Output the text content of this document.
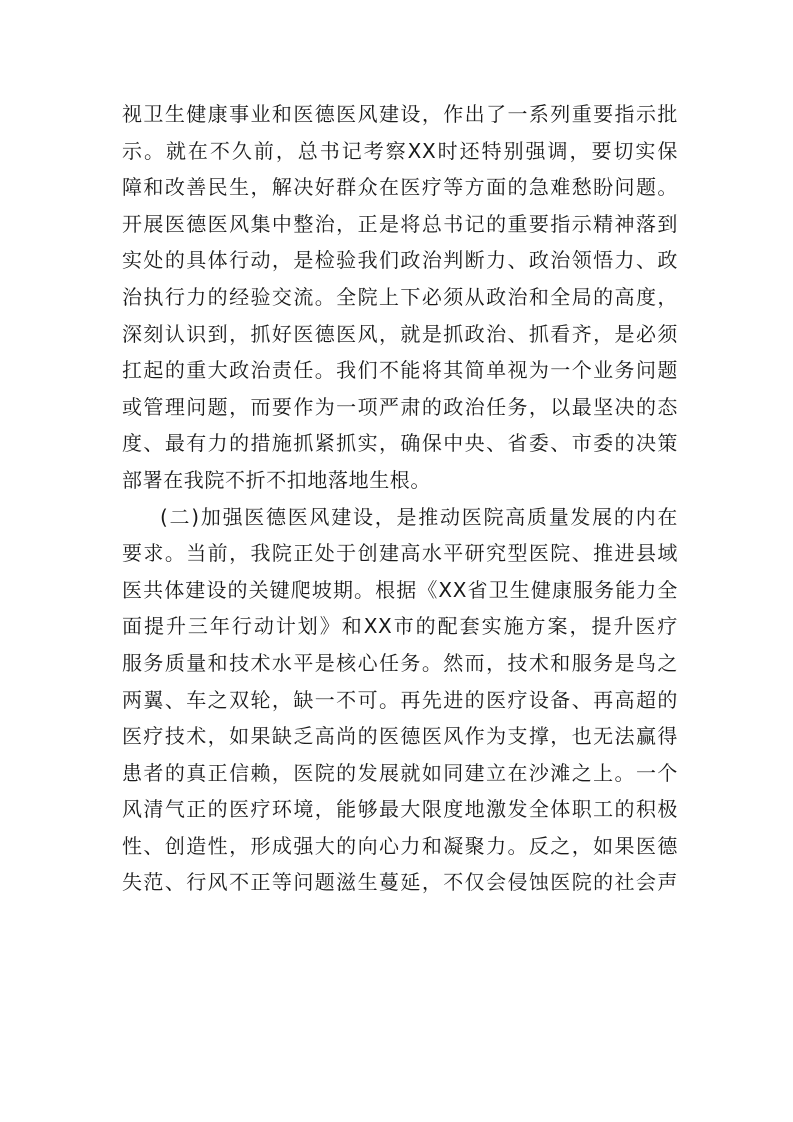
视卫生健康事业和医德医风建设，作出了一系列重要指示批
示。就在不久前，总书记考察XX时还特别强调，要切实保
障和改善民生，解决好群众在医疗等方面的急难愁盼问题。
开展医德医风集中整治，正是将总书记的重要指示精神落到
实处的具体行动，是检验我们政治判断力、政治领悟力、政
治执行力的经验交流。全院上下必须从政治和全局的高度，
深刻认识到，抓好医德医风，就是抓政治、抓看齐，是必须
扛起的重大政治责任。我们不能将其简单视为一个业务问题
或管理问题，而要作为一项严肃的政治任务，以最坚决的态
度、最有力的措施抓紧抓实，确保中央、省委、市委的决策
部署在我院不折不扣地落地生根。
(二)加强医德医风建设，是推动医院高质量发展的内在
要求。当前，我院正处于创建高水平研究型医院、推进县域
医共体建设的关键爬坡期。根据《XX省卫生健康服务能力全
面提升三年行动计划》和XX市的配套实施方案，提升医疗
服务质量和技术水平是核心任务。然而，技术和服务是鸟之
两翼、车之双轮，缺一不可。再先进的医疗设备、再高超的
医疗技术，如果缺乏高尚的医德医风作为支撑，也无法赢得
患者的真正信赖，医院的发展就如同建立在沙滩之上。一个
风清气正的医疗环境，能够最大限度地激发全体职工的积极
性、创造性，形成强大的向心力和凝聚力。反之，如果医德
失范、行风不正等问题滋生蔓延，不仅会侵蚀医院的社会声
